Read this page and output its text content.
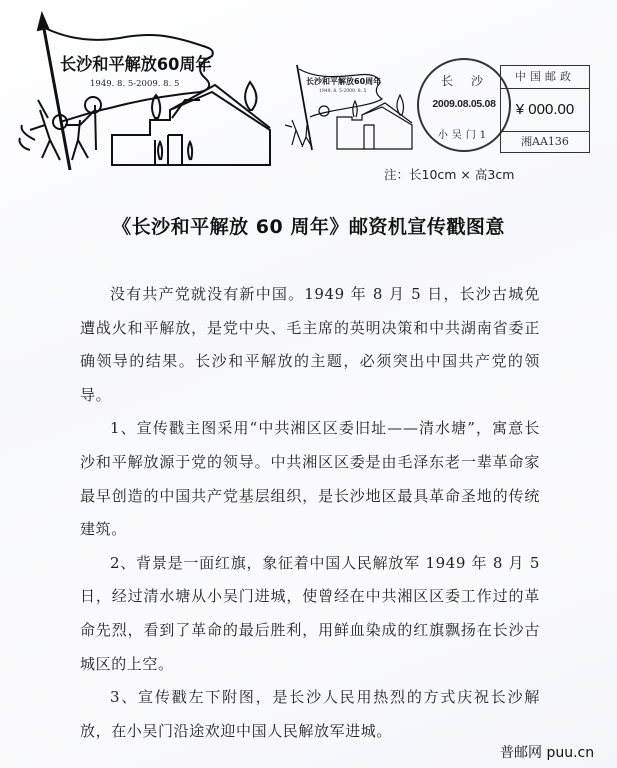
长沙和平解放60周年
1949. 8. 5-2009. 8. 5	长沙和平解放60周年
1949. 8. 5-2009. 8. 5
长沙
2009.08.05.08
小吴门1
中国邮政
¥ 000.00
湘AA136
注：长10cm × 高3cm
《长沙和平解放 60 周年》邮资机宣传戳图意

没有共产党就没有新中国。1949 年 8 月 5 日，长沙古城免遭战火和平解放，是党中央、毛主席的英明决策和中共湖南省委正确领导的结果。长沙和平解放的主题，必须突出中国共产党的领导。

1、宣传戳主图采用“中共湘区区委旧址——清水塘”，寓意长沙和平解放源于党的领导。中共湘区区委是由毛泽东老一辈革命家最早创造的中国共产党基层组织，是长沙地区最具革命圣地的传统建筑。

2、背景是一面红旗，象征着中国人民解放军 1949 年 8 月 5 日，经过清水塘从小吴门进城，使曾经在中共湘区区委工作过的革命先烈，看到了革命的最后胜利，用鲜血染成的红旗飘扬在长沙古城区的上空。

3、宣传戳左下附图，是长沙人民用热烈的方式庆祝长沙解放，在小吴门沿途欢迎中国人民解放军进城。

普邮网 puu.cn
